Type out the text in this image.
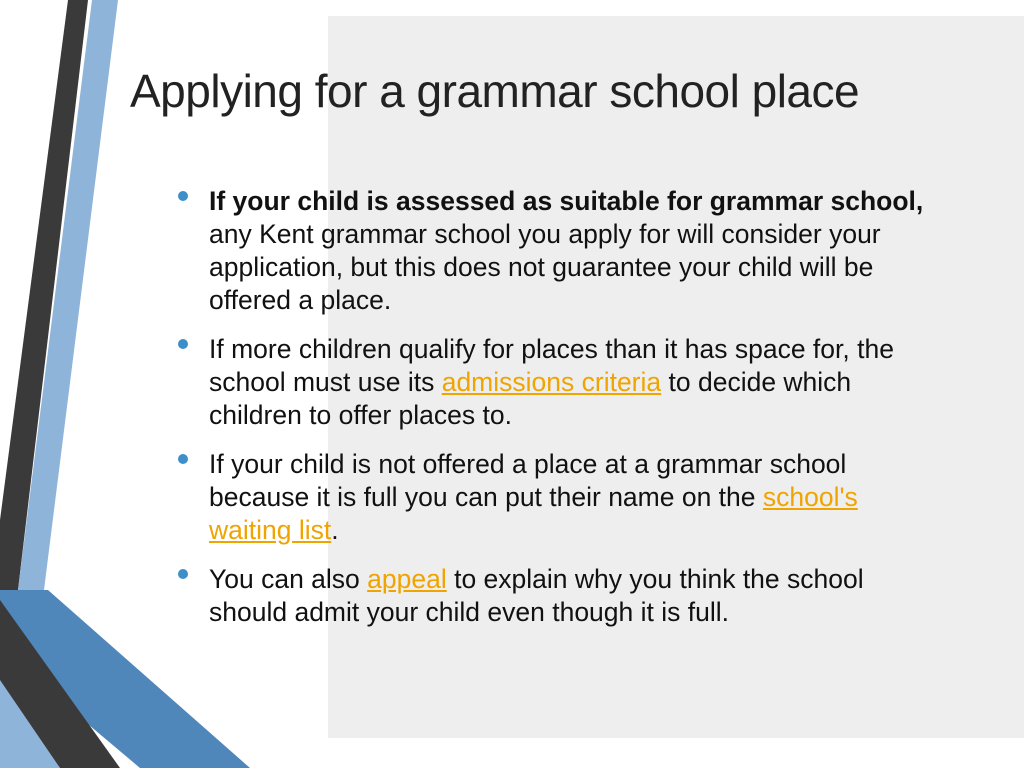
Applying for a grammar school place
If your child is assessed as suitable for grammar school, any Kent grammar school you apply for will consider your application, but this does not guarantee your child will be offered a place.
If more children qualify for places than it has space for, the school must use its admissions criteria to decide which children to offer places to.
If your child is not offered a place at a grammar school because it is full you can put their name on the school's waiting list.
You can also appeal to explain why you think the school should admit your child even though it is full.
